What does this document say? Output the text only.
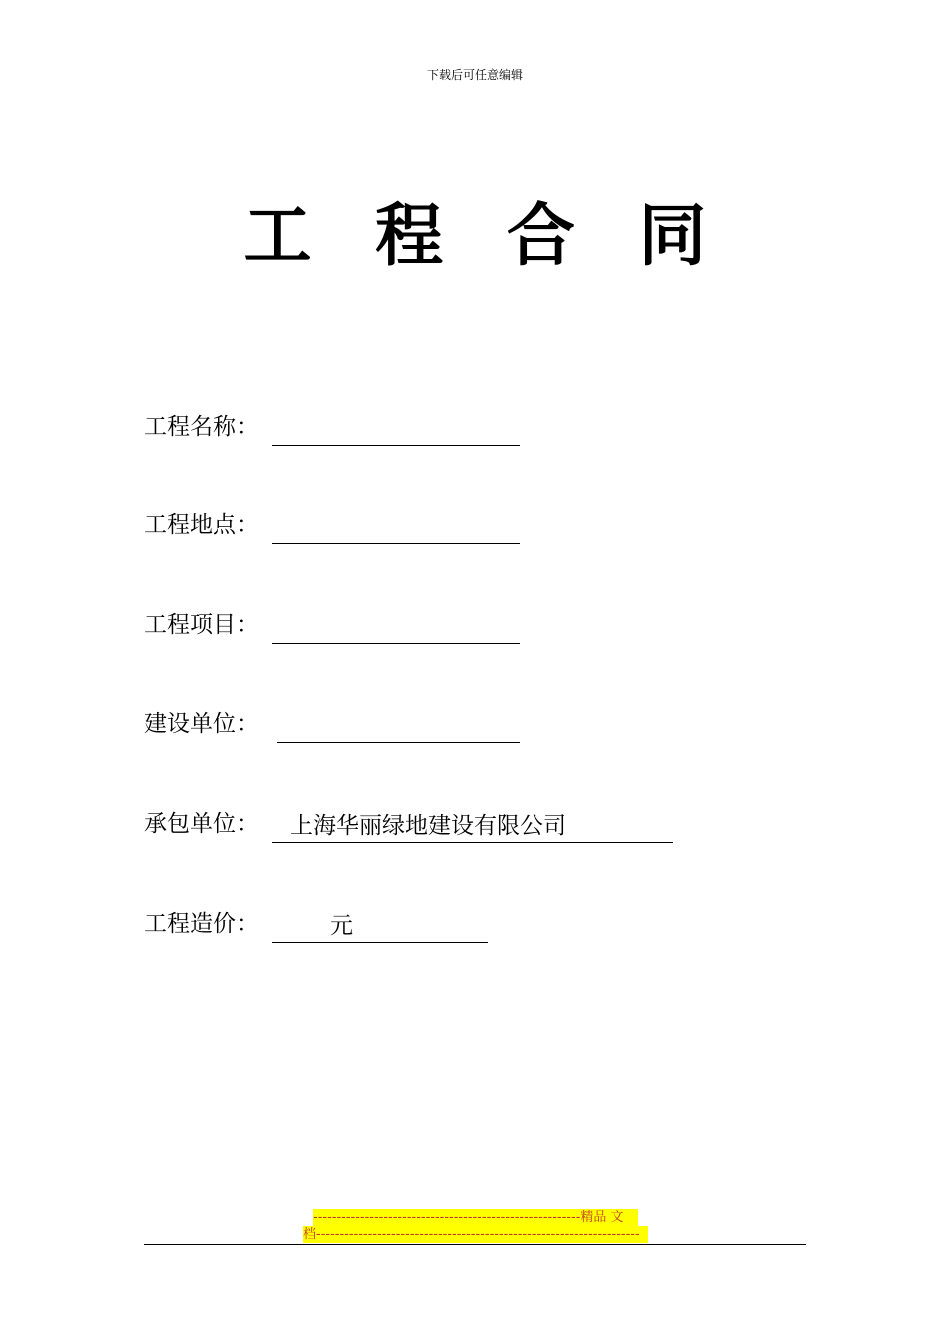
下载后可任意编辑
工 程 合 同
工程名称：
工程地点：
工程项目：
建设单位：
承包单位： 上海华丽绿地建设有限公司
工程造价：	元
---------------------------------------------------------精品 文
档---------------------------------------------------------------------
